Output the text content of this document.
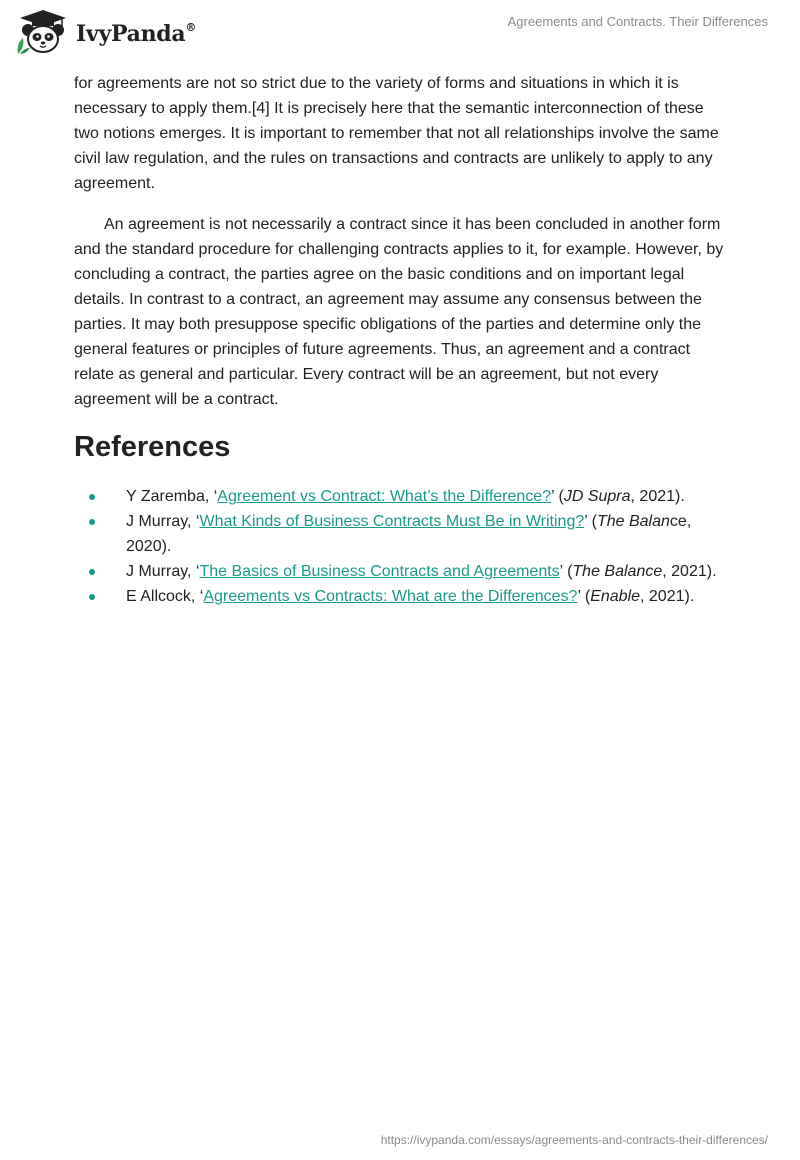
IvyPanda®	Agreements and Contracts. Their Differences

for agreements are not so strict due to the variety of forms and situations in which it is necessary to apply them.[4] It is precisely here that the semantic interconnection of these two notions emerges. It is important to remember that not all relationships involve the same civil law regulation, and the rules on transactions and contracts are unlikely to apply to any agreement.

An agreement is not necessarily a contract since it has been concluded in another form and the standard procedure for challenging contracts applies to it, for example. However, by concluding a contract, the parties agree on the basic conditions and on important legal details. In contrast to a contract, an agreement may assume any consensus between the parties. It may both presuppose specific obligations of the parties and determine only the general features or principles of future agreements. Thus, an agreement and a contract relate as general and particular. Every contract will be an agreement, but not every agreement will be a contract.

References
Y Zaremba, ‘Agreement vs Contract: What’s the Difference?’ (JD Supra, 2021).
J Murray, ‘What Kinds of Business Contracts Must Be in Writing?’ (The Balance, 2020).
J Murray, ‘The Basics of Business Contracts and Agreements’ (The Balance, 2021).
E Allcock, ‘Agreements vs Contracts: What are the Differences?’ (Enable, 2021).
https://ivypanda.com/essays/agreements-and-contracts-their-differences/
